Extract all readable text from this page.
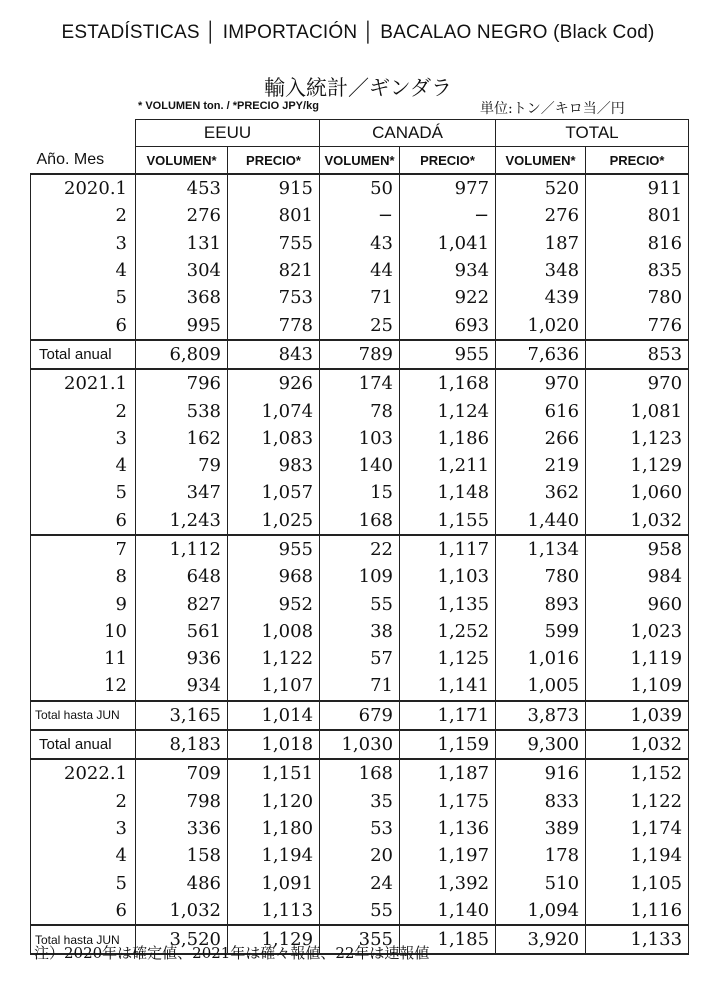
ESTADÍSTICAS │ IMPORTACIÓN │ BACALAO NEGRO (Black Cod)
輸入統計／ギンダラ
* VOLUMEN ton. / *PRECIO JPY/kg	単位:トン／キロ当／円
	EEUU		CANADÁ		TOTAL	
Año. Mes	VOLUMEN*	PRECIO*	VOLUMEN*	PRECIO*	VOLUMEN*	PRECIO*
2020.1	453	915	50	977	520	911
2	276	801	−	−	276	801
3	131	755	43	1,041	187	816
4	304	821	44	934	348	835
5	368	753	71	922	439	780
6	995	778	25	693	1,020	776
Total anual	6,809	843	789	955	7,636	853
2021.1	796	926	174	1,168	970	970
2	538	1,074	78	1,124	616	1,081
3	162	1,083	103	1,186	266	1,123
4	79	983	140	1,211	219	1,129
5	347	1,057	15	1,148	362	1,060
6	1,243	1,025	168	1,155	1,440	1,032
7	1,112	955	22	1,117	1,134	958
8	648	968	109	1,103	780	984
9	827	952	55	1,135	893	960
10	561	1,008	38	1,252	599	1,023
11	936	1,122	57	1,125	1,016	1,119
12	934	1,107	71	1,141	1,005	1,109
Total hasta JUN	3,165	1,014	679	1,171	3,873	1,039
Total anual	8,183	1,018	1,030	1,159	9,300	1,032
2022.1	709	1,151	168	1,187	916	1,152
2	798	1,120	35	1,175	833	1,122
3	336	1,180	53	1,136	389	1,174
4	158	1,194	20	1,197	178	1,194
5	486	1,091	24	1,392	510	1,105
6	1,032	1,113	55	1,140	1,094	1,116
Total hasta JUN	3,520	1,129	355	1,185	3,920	1,133
注）2020年は確定値、2021年は確々報値、22年は速報値
